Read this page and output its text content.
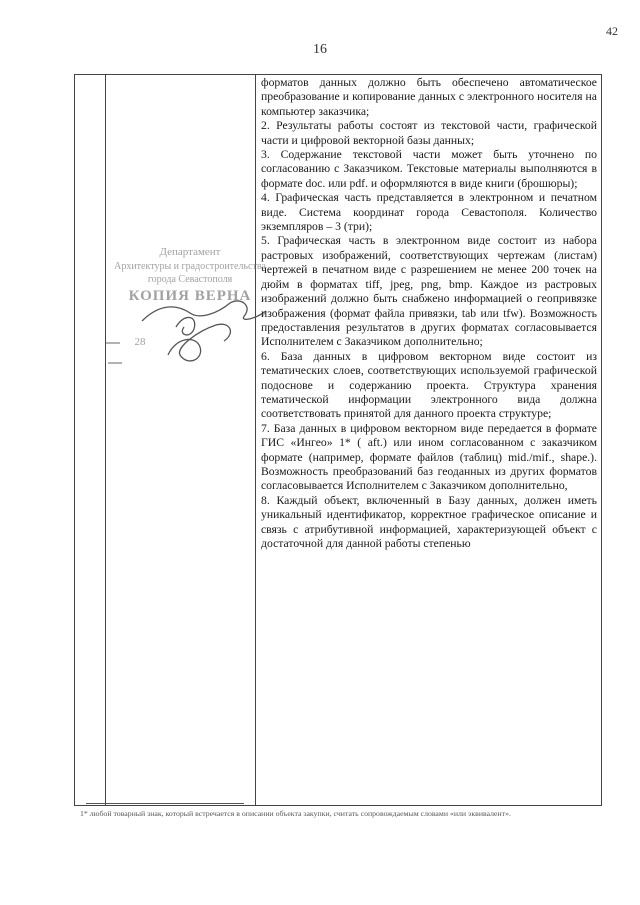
42
16
Департамент
Архитектуры и градостроительства
города Севастополя
КОПИЯ ВЕРНА
28

форматов данных должно быть обеспечено автоматическое преобразование и копирование данных с электронного носителя на компьютер заказчика;

2. Результаты работы состоят из текстовой части, графической части и цифровой векторной базы данных;

3. Содержание текстовой части может быть уточнено по согласованию с Заказчиком. Текстовые материалы выполняются в формате doc. или pdf. и оформляются в виде книги (брошюры);

4. Графическая часть представляется в электронном и печатном виде. Система координат города Севастополя. Количество экземпляров – 3 (три);

5. Графическая часть в электронном виде состоит из набора растровых изображений, соответствующих чертежам (листам) чертежей в печатном виде с разрешением не менее 200 точек на дюйм в форматах tiff, jpeg, png, bmp. Каждое из растровых изображений должно быть снабжено информацией о геопривязке изображения (формат файла привязки, tab или tfw). Возможность предоставления результатов в других форматах согласовывается Исполнителем с Заказчиком дополнительно;

6. База данных в цифровом векторном виде состоит из тематических слоев, соответствующих используемой графической подоснове и содержанию проекта. Структура хранения тематической информации электронного вида должна соответствовать принятой для данного проекта структуре;

7. База данных в цифровом векторном виде передается в формате ГИС «Ингео» 1* ( aft.) или ином согласованном с заказчиком формате (например, формате файлов (таблиц) mid./mif., shape.). Возможность преобразований баз геоданных из других форматов согласовывается Исполнителем с Заказчиком дополнительно,

8. Каждый объект, включенный в Базу данных, должен иметь уникальный идентификатор, корректное графическое описание и связь с атрибутивной информацией, характеризующей объект с достаточной для данной работы степенью

1* любой товарный знак, который встречается в описании объекта закупки, считать сопровождаемым словами «или эквивалент».
